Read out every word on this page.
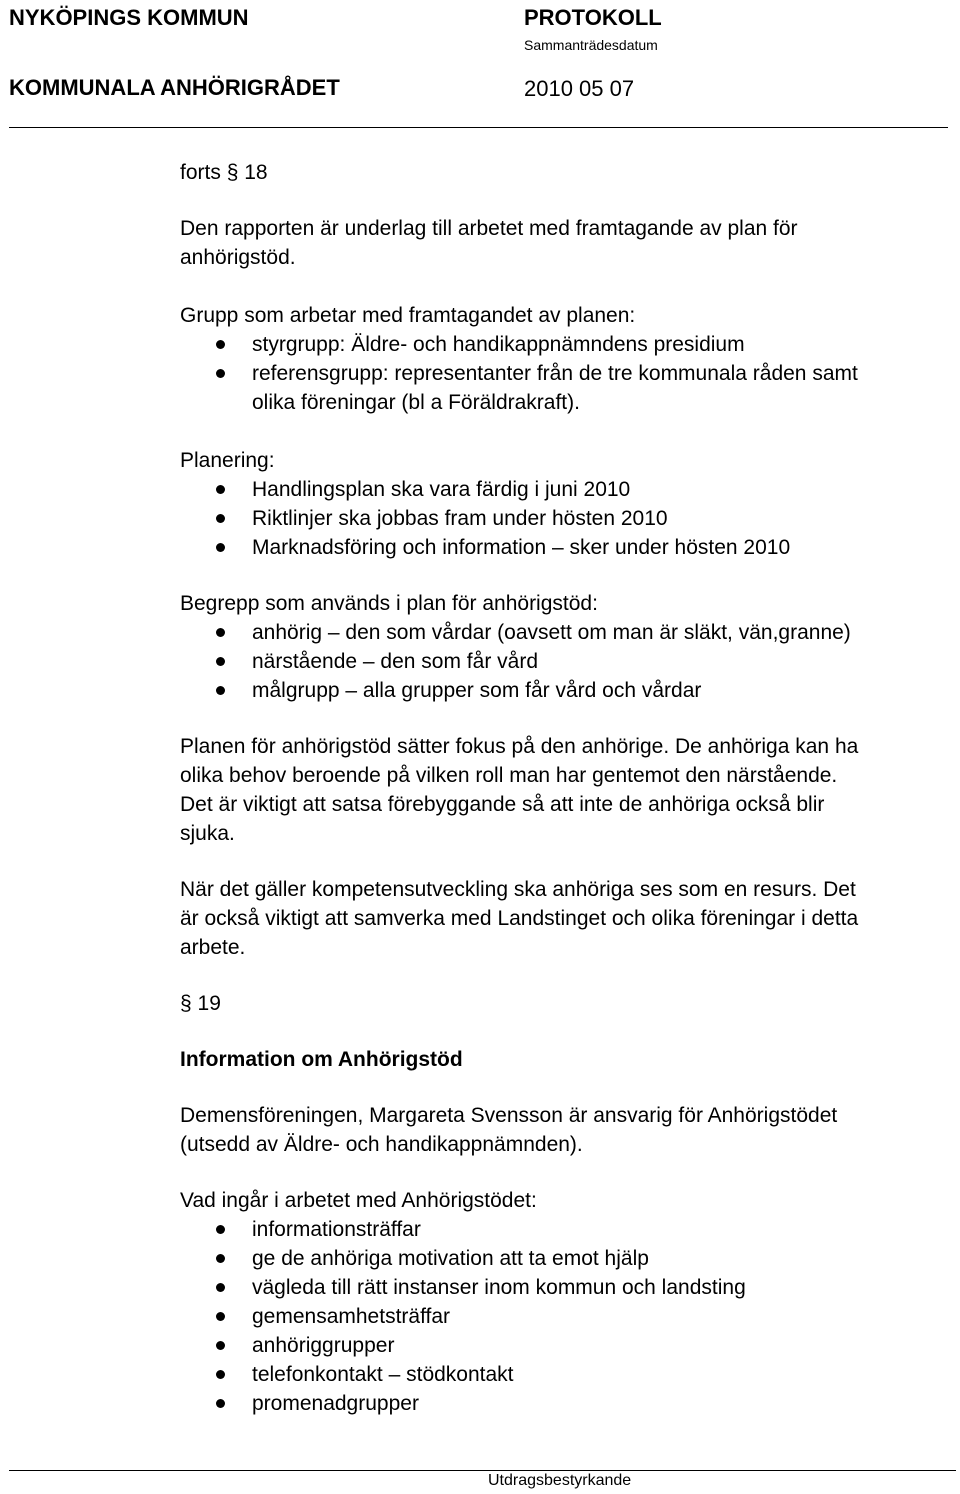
NYKÖPINGS KOMMUN	PROTOKOLL
Sammanträdesdatum
KOMMUNALA ANHÖRIGRÅDET	2010 05 07

forts § 18

Den rapporten är underlag till arbetet med framtagande av plan för
anhörigstöd.

Grupp som arbetar med framtagandet av planen:

styrgrupp: Äldre- och handikappnämndens presidium
referensgrupp: representanter från de tre kommunala råden samt
olika föreningar (bl a Föräldrakraft).

Planering:

Handlingsplan ska vara färdig i juni 2010
Riktlinjer ska jobbas fram under hösten 2010
Marknadsföring och information – sker under hösten 2010

Begrepp som används i plan för anhörigstöd:

anhörig – den som vårdar (oavsett om man är släkt, vän,granne)
närstående – den som får vård
målgrupp – alla grupper som får vård och vårdar

Planen för anhörigstöd sätter fokus på den anhörige. De anhöriga kan ha
olika behov beroende på vilken roll man har gentemot den närstående.
Det är viktigt att satsa förebyggande så att inte de anhöriga också blir
sjuka.

När det gäller kompetensutveckling ska anhöriga ses som en resurs. Det
är också viktigt att samverka med Landstinget och olika föreningar i detta
arbete.

§ 19

Information om Anhörigstöd

Demensföreningen, Margareta Svensson är ansvarig för Anhörigstödet
(utsedd av Äldre- och handikappnämnden).

Vad ingår i arbetet med Anhörigstödet:

informationsträffar
ge de anhöriga motivation att ta emot hjälp
vägleda till rätt instanser inom kommun och landsting
gemensamhetsträffar
anhöriggrupper
telefonkontakt – stödkontakt
promenadgrupper
Utdragsbestyrkande
